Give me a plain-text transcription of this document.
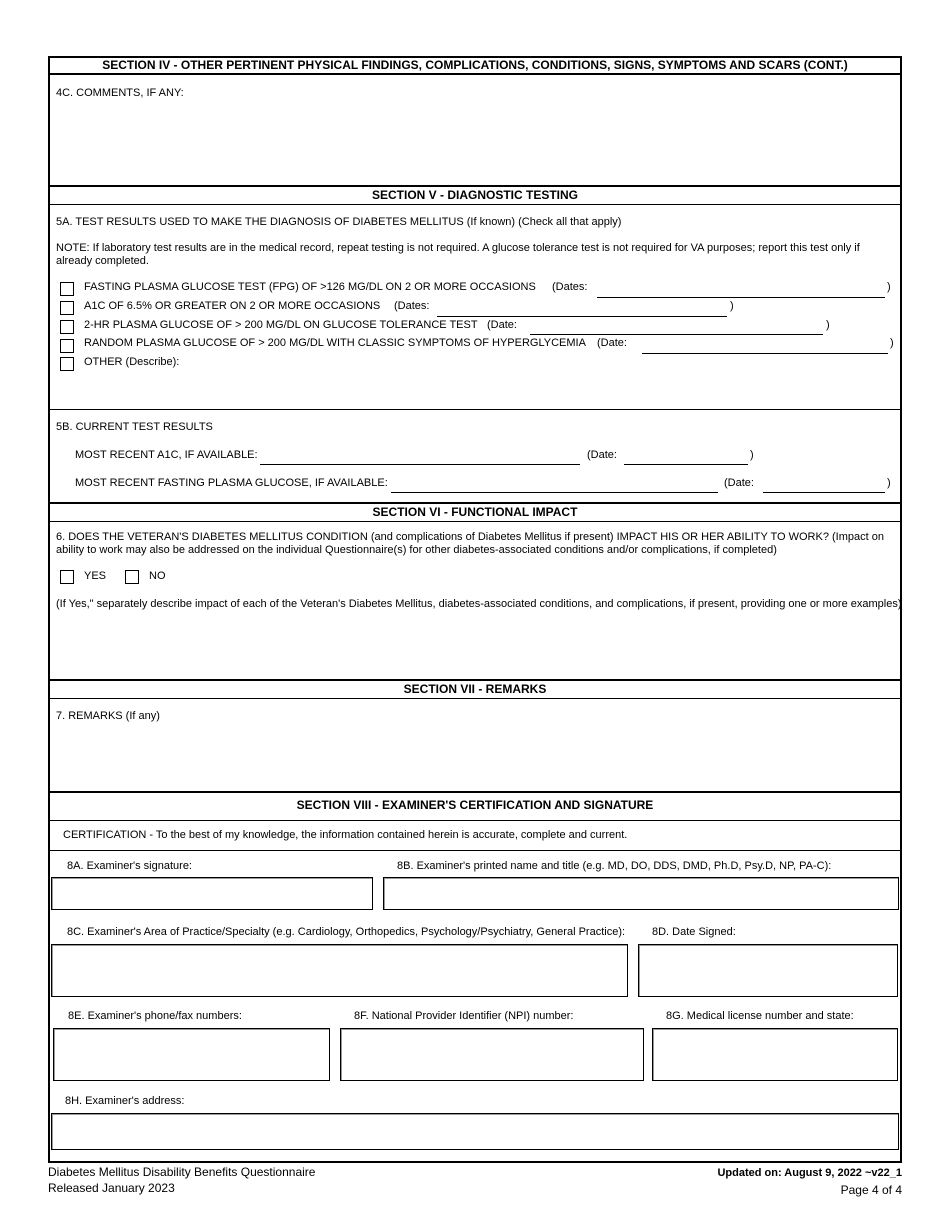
SECTION IV - OTHER PERTINENT PHYSICAL FINDINGS, COMPLICATIONS, CONDITIONS, SIGNS, SYMPTOMS AND SCARS (CONT.)
4C. COMMENTS, IF ANY:
SECTION V - DIAGNOSTIC TESTING
5A. TEST RESULTS USED TO MAKE THE DIAGNOSIS OF DIABETES MELLITUS (If known) (Check all that apply)
NOTE: If laboratory test results are in the medical record, repeat testing is not required. A glucose tolerance test is not required for VA purposes; report this test only if already completed.
FASTING PLASMA GLUCOSE TEST (FPG) OF >126 MG/DL ON 2 OR MORE OCCASIONS (Dates:	)
A1C OF 6.5% OR GREATER ON 2 OR MORE OCCASIONS (Dates:	)
2-HR PLASMA GLUCOSE OF > 200 MG/DL ON GLUCOSE TOLERANCE TEST (Date:	)
RANDOM PLASMA GLUCOSE OF > 200 MG/DL WITH CLASSIC SYMPTOMS OF HYPERGLYCEMIA (Date:	)
OTHER (Describe):
5B. CURRENT TEST RESULTS
MOST RECENT A1C, IF AVAILABLE:	(Date:	)
MOST RECENT FASTING PLASMA GLUCOSE, IF AVAILABLE:	(Date:	)
SECTION VI - FUNCTIONAL IMPACT
6. DOES THE VETERAN'S DIABETES MELLITUS CONDITION (and complications of Diabetes Mellitus if present) IMPACT HIS OR HER ABILITY TO WORK? (Impact on ability to work may also be addressed on the individual Questionnaire(s) for other diabetes-associated conditions and/or complications, if completed)
YES	NO
(If Yes," separately describe impact of each of the Veteran's Diabetes Mellitus, diabetes-associated conditions, and complications, if present, providing one or more examples)
SECTION VII - REMARKS
7. REMARKS (If any)
SECTION VIII - EXAMINER'S CERTIFICATION AND SIGNATURE
CERTIFICATION - To the best of my knowledge, the information contained herein is accurate, complete and current.
8A. Examiner's signature:	8B. Examiner's printed name and title (e.g. MD, DO, DDS, DMD, Ph.D, Psy.D, NP, PA-C):
8C. Examiner's Area of Practice/Specialty (e.g. Cardiology, Orthopedics, Psychology/Psychiatry, General Practice): 8D. Date Signed:
8E. Examiner's phone/fax numbers:	8F. National Provider Identifier (NPI) number:	8G. Medical license number and state:
8H. Examiner's address:
Diabetes Mellitus Disability Benefits Questionnaire
Released January 2023
Updated on: August 9, 2022 ~v22_1
Page 4 of 4
